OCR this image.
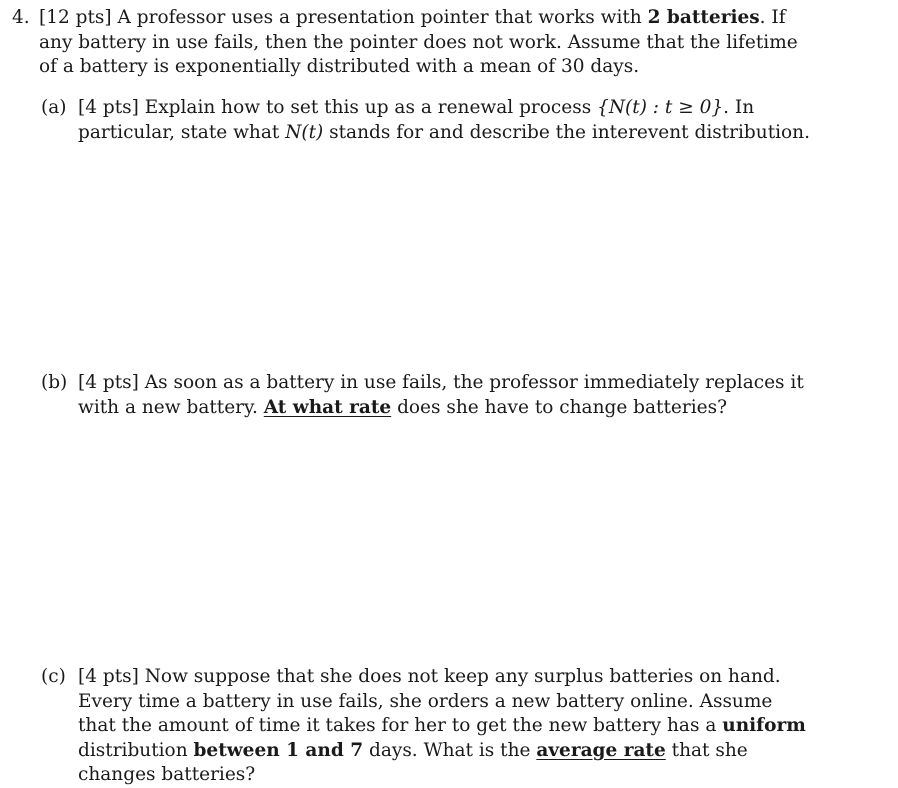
4. [12 pts] A professor uses a presentation pointer that works with 2 batteries. If any battery in use fails, then the pointer does not work. Assume that the lifetime of a battery is exponentially distributed with a mean of 30 days.
(a) [4 pts] Explain how to set this up as a renewal process {N(t) : t ≥ 0}. In particular, state what N(t) stands for and describe the interevent distribution.
(b) [4 pts] As soon as a battery in use fails, the professor immediately replaces it with a new battery. At what rate does she have to change batteries?
(c) [4 pts] Now suppose that she does not keep any surplus batteries on hand. Every time a battery in use fails, she orders a new battery online. Assume that the amount of time it takes for her to get the new battery has a uniform distribution between 1 and 7 days. What is the average rate that she changes batteries?
